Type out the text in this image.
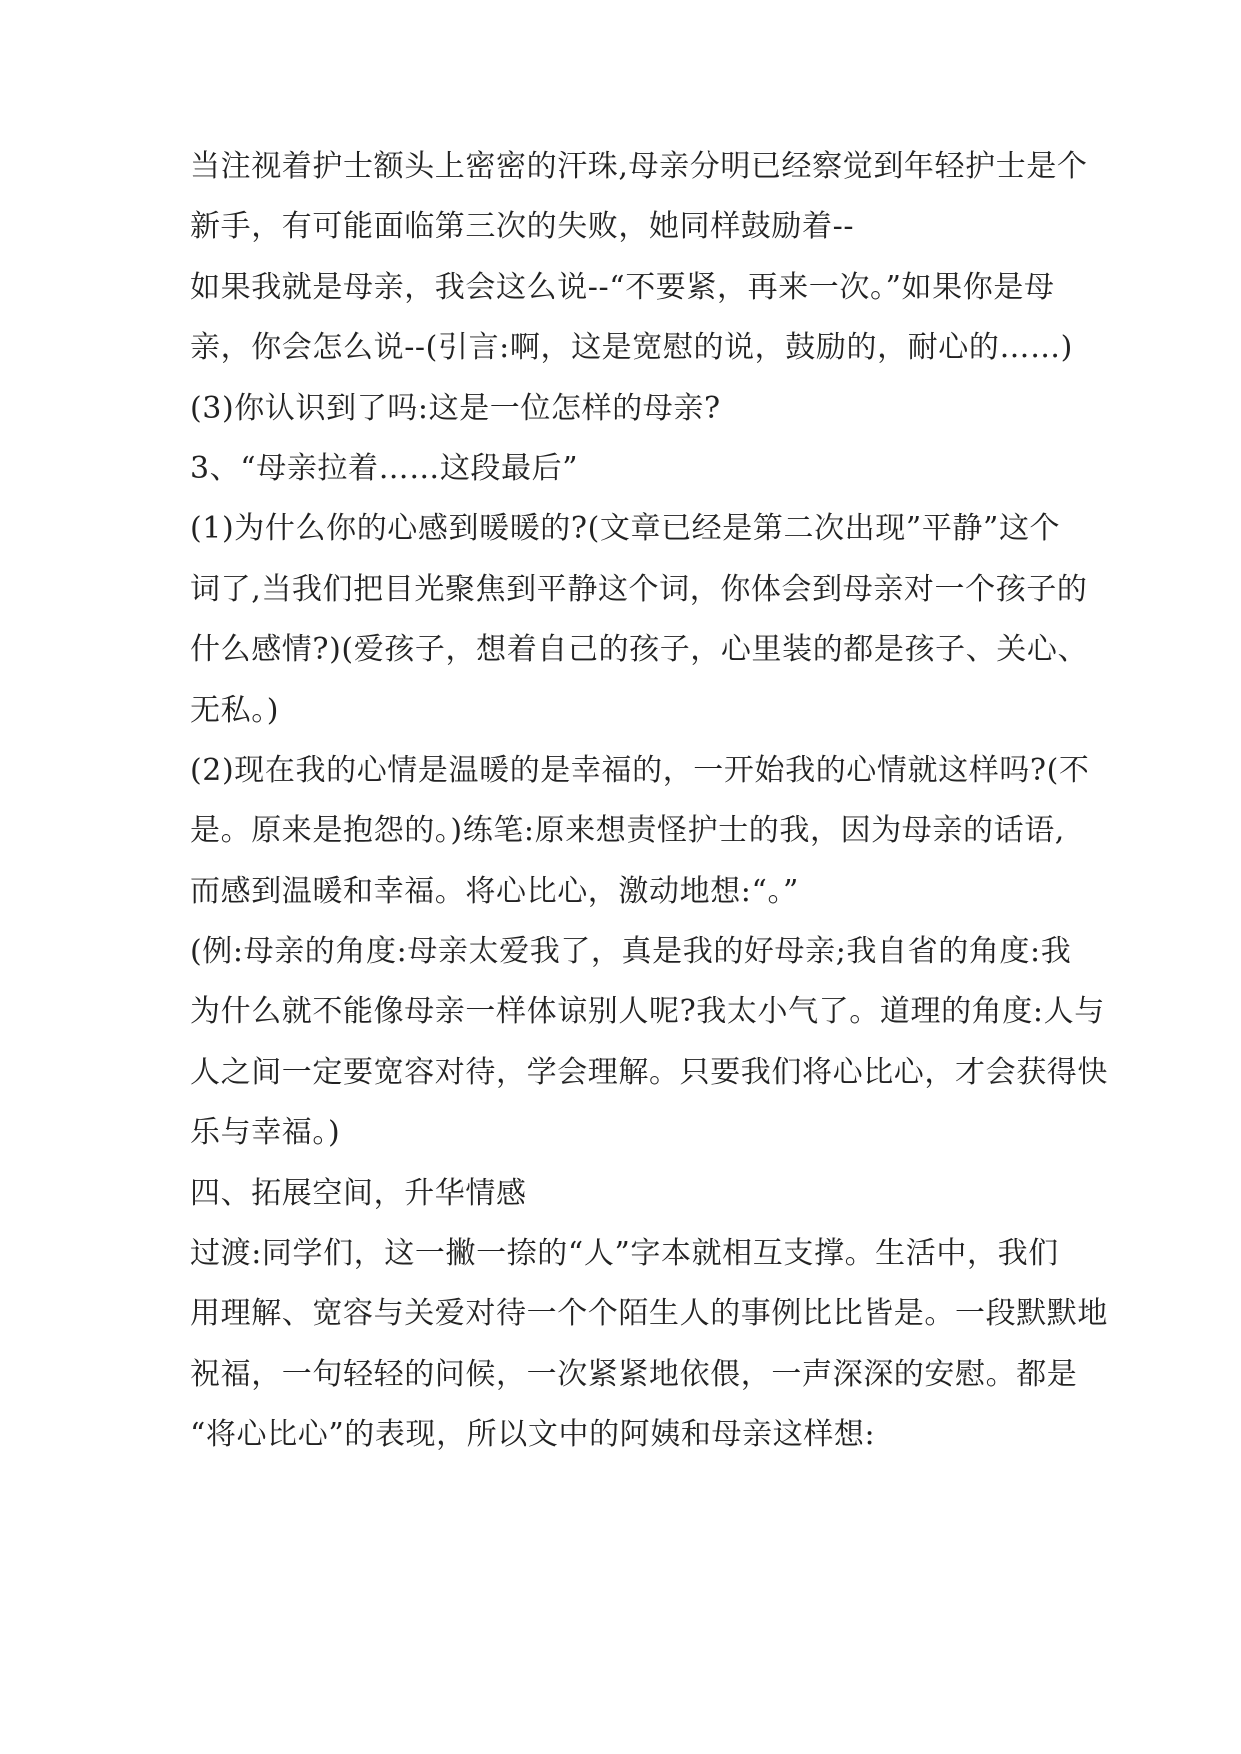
当注视着护士额头上密密的汗珠,母亲分明已经察觉到年轻护士是个
新手，有可能面临第三次的失败，她同样鼓励着--
如果我就是母亲，我会这么说--“不要紧，再来一次。”如果你是母
亲，你会怎么说--(引言:啊，这是宽慰的说，鼓励的，耐心的……)
(3)你认识到了吗:这是一位怎样的母亲?
3、“母亲拉着……这段最后”
(1)为什么你的心感到暖暖的?(文章已经是第二次出现”平静”这个
词了,当我们把目光聚焦到平静这个词，你体会到母亲对一个孩子的
什么感情?)(爱孩子，想着自己的孩子，心里装的都是孩子、关心、
无私。)
(2)现在我的心情是温暖的是幸福的，一开始我的心情就这样吗?(不
是。原来是抱怨的。)练笔:原来想责怪护士的我，因为母亲的话语,
而感到温暖和幸福。将心比心，激动地想:“。”
(例:母亲的角度:母亲太爱我了，真是我的好母亲;我自省的角度:我
为什么就不能像母亲一样体谅别人呢?我太小气了。道理的角度:人与
人之间一定要宽容对待，学会理解。只要我们将心比心，才会获得快
乐与幸福。)
四、拓展空间，升华情感
过渡:同学们，这一撇一捺的“人”字本就相互支撑。生活中，我们
用理解、宽容与关爱对待一个个陌生人的事例比比皆是。一段默默地
祝福，一句轻轻的问候，一次紧紧地依偎，一声深深的安慰。都是
“将心比心”的表现，所以文中的阿姨和母亲这样想:
